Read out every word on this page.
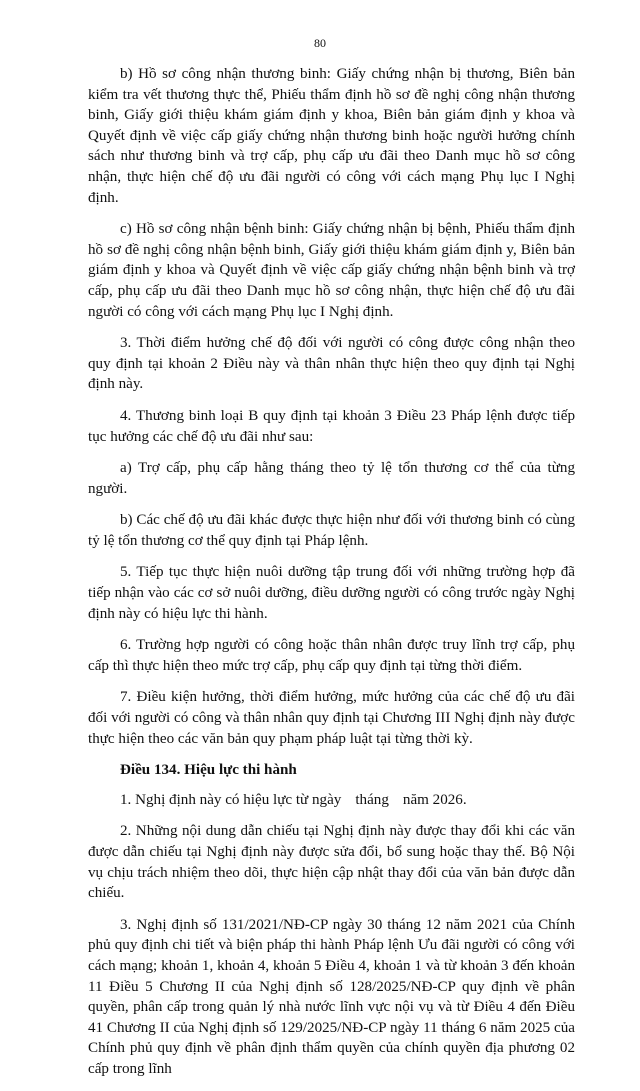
80

b) Hồ sơ công nhận thương binh: Giấy chứng nhận bị thương, Biên bản kiểm tra vết thương thực thể, Phiếu thẩm định hồ sơ đề nghị công nhận thương binh, Giấy giới thiệu khám giám định y khoa, Biên bản giám định y khoa và Quyết định về việc cấp giấy chứng nhận thương binh hoặc người hưởng chính sách như thương binh và trợ cấp, phụ cấp ưu đãi theo Danh mục hồ sơ công nhận, thực hiện chế độ ưu đãi người có công với cách mạng Phụ lục I Nghị định.

c) Hồ sơ công nhận bệnh binh: Giấy chứng nhận bị bệnh, Phiếu thẩm định hồ sơ đề nghị công nhận bệnh binh, Giấy giới thiệu khám giám định y, Biên bản giám định y khoa và Quyết định về việc cấp giấy chứng nhận bệnh binh và trợ cấp, phụ cấp ưu đãi theo Danh mục hồ sơ công nhận, thực hiện chế độ ưu đãi người có công với cách mạng Phụ lục I Nghị định.

3. Thời điểm hưởng chế độ đối với người có công được công nhận theo quy định tại khoản 2 Điều này và thân nhân thực hiện theo quy định tại Nghị định này.

4. Thương binh loại B quy định tại khoản 3 Điều 23 Pháp lệnh được tiếp tục hưởng các chế độ ưu đãi như sau:

a) Trợ cấp, phụ cấp hằng tháng theo tỷ lệ tổn thương cơ thể của từng người.

b) Các chế độ ưu đãi khác được thực hiện như đối với thương binh có cùng tỷ lệ tổn thương cơ thể quy định tại Pháp lệnh.

5. Tiếp tục thực hiện nuôi dưỡng tập trung đối với những trường hợp đã tiếp nhận vào các cơ sở nuôi dưỡng, điều dưỡng người có công trước ngày Nghị định này có hiệu lực thi hành.

6. Trường hợp người có công hoặc thân nhân được truy lĩnh trợ cấp, phụ cấp thì thực hiện theo mức trợ cấp, phụ cấp quy định tại từng thời điểm.

7. Điều kiện hưởng, thời điểm hưởng, mức hưởng của các chế độ ưu đãi đối với người có công và thân nhân quy định tại Chương III Nghị định này được thực hiện theo các văn bản quy phạm pháp luật tại từng thời kỳ.

Điều 134. Hiệu lực thi hành

1. Nghị định này có hiệu lực từ ngày tháng năm 2026.

2. Những nội dung dẫn chiếu tại Nghị định này được thay đổi khi các văn được dẫn chiếu tại Nghị định này được sửa đổi, bổ sung hoặc thay thế. Bộ Nội vụ chịu trách nhiệm theo dõi, thực hiện cập nhật thay đổi của văn bản được dẫn chiếu.

3. Nghị định số 131/2021/NĐ-CP ngày 30 tháng 12 năm 2021 của Chính phủ quy định chi tiết và biện pháp thi hành Pháp lệnh Ưu đãi người có công với cách mạng; khoản 1, khoản 4, khoản 5 Điều 4, khoản 1 và từ khoản 3 đến khoản 11 Điều 5 Chương II của Nghị định số 128/2025/NĐ-CP quy định về phân quyền, phân cấp trong quản lý nhà nước lĩnh vực nội vụ và từ Điều 4 đến Điều 41 Chương II của Nghị định số 129/2025/NĐ-CP ngày 11 tháng 6 năm 2025 của Chính phủ quy định về phân định thẩm quyền của chính quyền địa phương 02 cấp trong lĩnh
